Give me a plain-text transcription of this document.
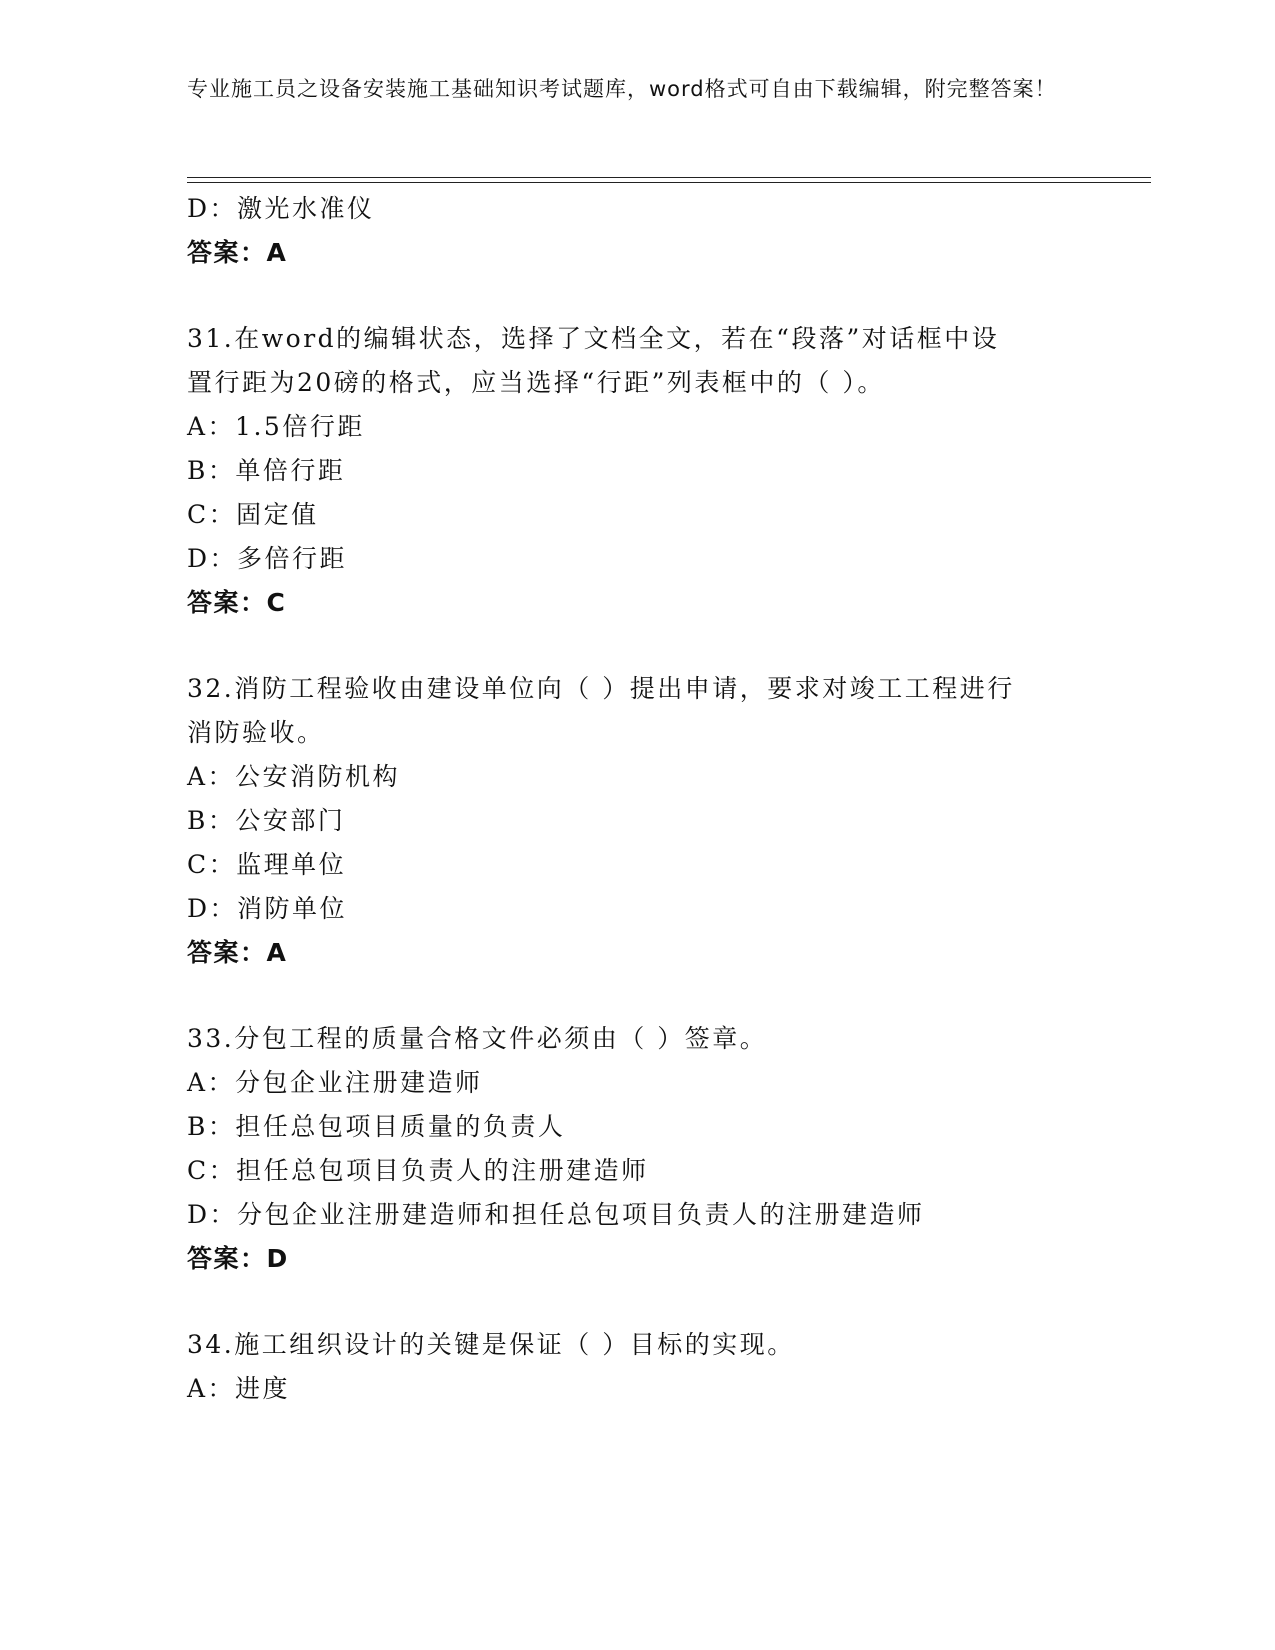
专业施工员之设备安装施工基础知识考试题库，word格式可自由下载编辑，附完整答案！
D：激光水准仪
答案：A
31.在word的编辑状态，选择了文档全文，若在“段落”对话框中设
置行距为20磅的格式，应当选择“行距”列表框中的（ ）。
A：1.5倍行距
B：单倍行距
C：固定值
D：多倍行距
答案：C
32.消防工程验收由建设单位向（ ）提出申请，要求对竣工工程进行
消防验收。
A：公安消防机构
B：公安部门
C：监理单位
D：消防单位
答案：A
33.分包工程的质量合格文件必须由（ ）签章。
A：分包企业注册建造师
B：担任总包项目质量的负责人
C：担任总包项目负责人的注册建造师
D：分包企业注册建造师和担任总包项目负责人的注册建造师
答案：D
34.施工组织设计的关键是保证（ ）目标的实现。
A：进度
